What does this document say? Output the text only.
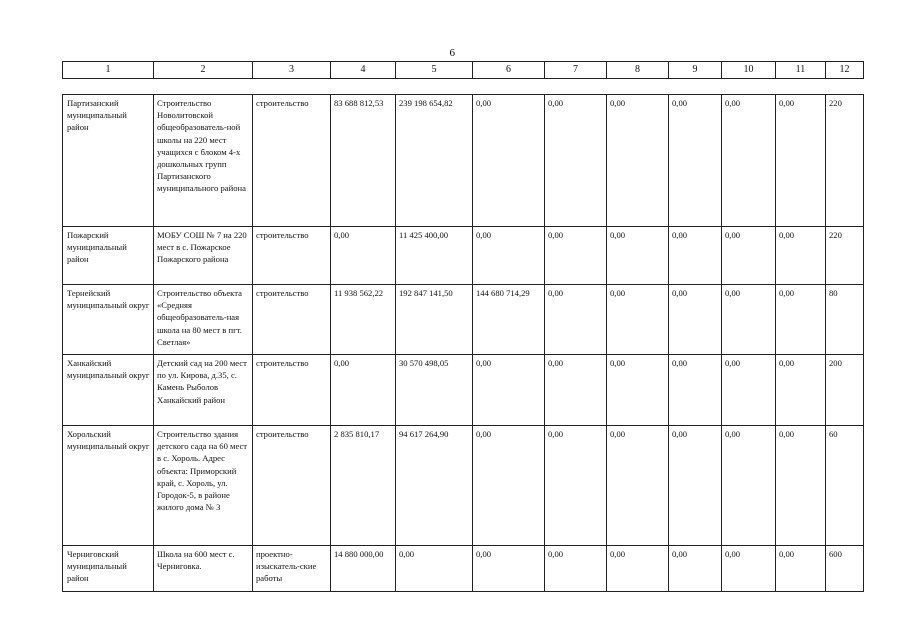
6
1	2	3	4	5	6	7	8	9	10	11	12
Партизанский муниципальный район	Строительство Новолитовской общеобразователь-ной школы на 220 мест учащихся с блоком 4-х дошкольных групп Партизанского муниципального района	строительство	83 688 812,53	239 198 654,82	0,00	0,00	0,00	0,00	0,00	0,00	220
Пожарский муниципальный район	МОБУ СОШ № 7 на 220 мест в с. Пожарское Пожарского района	строительство	0,00	11 425 400,00	0,00	0,00	0,00	0,00	0,00	0,00	220
Тернейский муниципальный округ	Строительство объекта «Средняя общеобразователь-ная школа на 80 мест в пгт. Светлая»	строительство	11 938 562,22	192 847 141,50	144 680 714,29	0,00	0,00	0,00	0,00	0,00	80
Ханкайский муниципальный округ	Детский сад на 200 мест по ул. Кирова, д.35, с. Камень Рыболов Ханкайский район	строительство	0,00	30 570 498,05	0,00	0,00	0,00	0,00	0,00	0,00	200
Хорольский муниципальный округ	Строительство здания детского сада на 60 мест в с. Хороль. Адрес объекта: Приморский край, с. Хороль, ул. Городок-5, в районе жилого дома № 3	строительство	2 835 810,17	94 617 264,90	0,00	0,00	0,00	0,00	0,00	0,00	60
Черниговский муниципальный район	Школа на 600 мест с. Черниговка.	проектно-изыскатель-ские работы	14 880 000,00	0,00	0,00	0,00	0,00	0,00	0,00	0,00	600
